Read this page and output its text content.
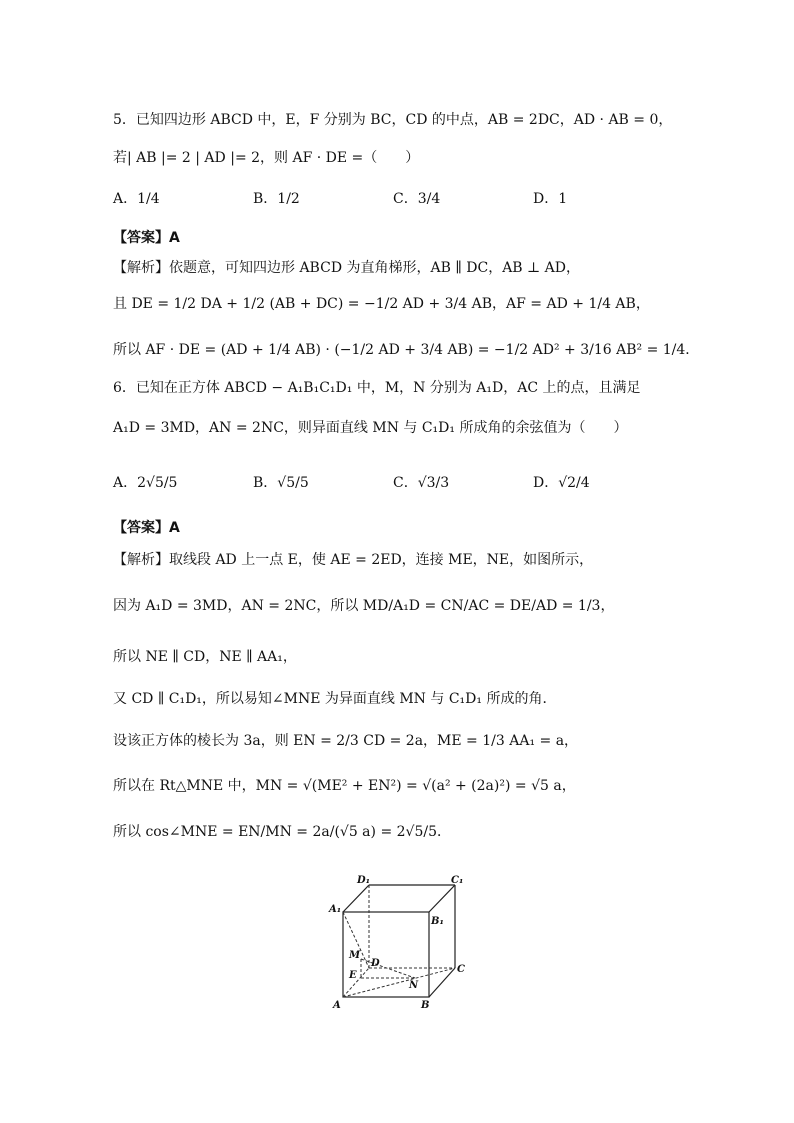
5．已知四边形 ABCD 中，E，F 分别为 BC，CD 的中点，AB = 2DC，AD · AB = 0，
若| AB |= 2 | AD |= 2，则 AF · DE =（　　）
A．1/4	B．1/2	C．3/4	D．1
【答案】A
【解析】依题意，可知四边形 ABCD 为直角梯形，AB ∥ DC，AB ⊥ AD，
且 DE = 1/2 DA + 1/2 (AB + DC) = −1/2 AD + 3/4 AB，AF = AD + 1/4 AB，
所以 AF · DE = (AD + 1/4 AB) · (−1/2 AD + 3/4 AB) = −1/2 AD² + 3/16 AB² = 1/4．
6．已知在正方体 ABCD − A₁B₁C₁D₁ 中，M，N 分别为 A₁D，AC 上的点，且满足
A₁D = 3MD，AN = 2NC，则异面直线 MN 与 C₁D₁ 所成角的余弦值为（　　）
A．2√5/5	B．√5/5	C．√3/3	D．√2/4
【答案】A
【解析】取线段 AD 上一点 E，使 AE = 2ED，连接 ME，NE，如图所示，
因为 A₁D = 3MD，AN = 2NC，所以 MD/A₁D = CN/AC = DE/AD = 1/3，
所以 NE ∥ CD，NE ∥ AA₁，
又 CD ∥ C₁D₁，所以易知∠MNE 为异面直线 MN 与 C₁D₁ 所成的角．
设该正方体的棱长为 3a，则 EN = 2/3 CD = 2a，ME = 1/3 AA₁ = a，
所以在 Rt△MNE 中，MN = √(ME² + EN²) = √(a² + (2a)²) = √5 a，
所以 cos∠MNE = EN/MN = 2a/(√5 a) = 2√5/5．
D₁	C₁
A₁
B₁
M
D
E
C
N
A	B
